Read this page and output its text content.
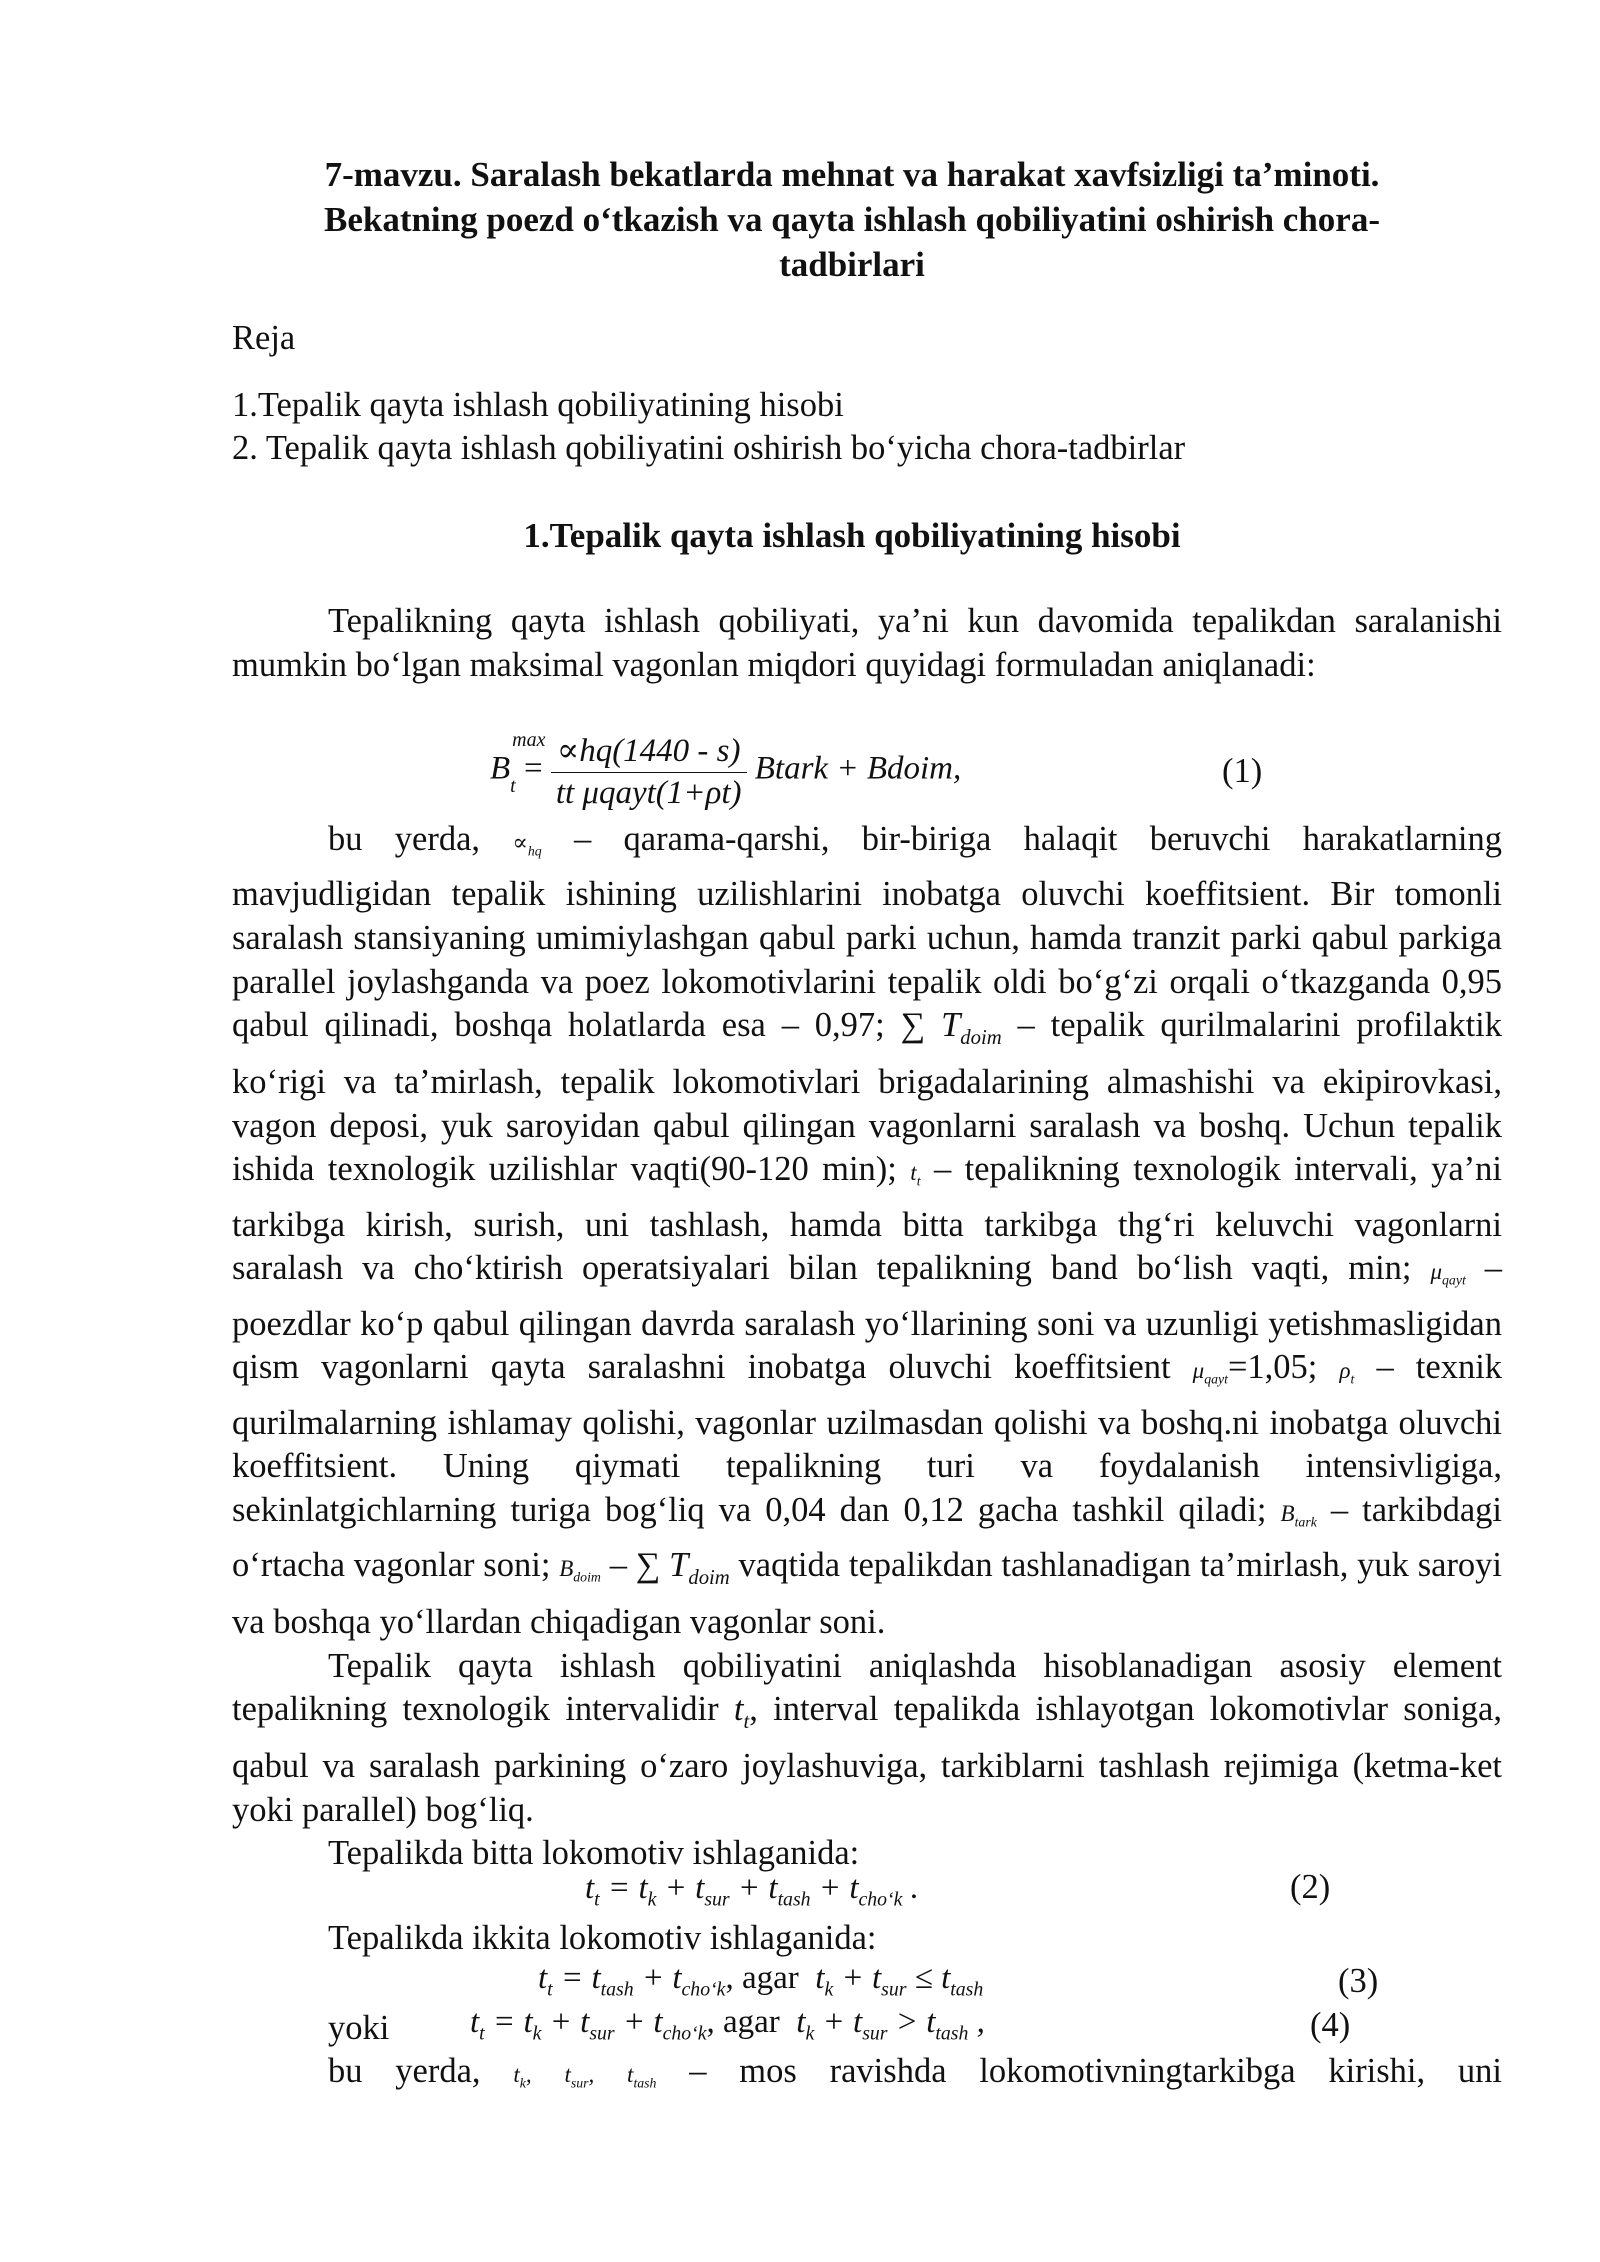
7-mavzu. Saralash bekatlarda mehnat va harakat xavfsizligi ta’minoti.
Bekatning poezd o‘tkazish va qayta ishlash qobiliyatini oshirish chora-
tadbirlari
Reja
1.Tepalik qayta ishlash qobiliyatining hisobi
2. Tepalik qayta ishlash qobiliyatini oshirish bo‘yicha chora-tadbirlar
1.Tepalik qayta ishlash qobiliyatining hisobi

Tepalikning qayta ishlash qobiliyati, ya’ni kun davomida tepalikdan saralanishi mumkin bo‘lgan maksimal vagonlan miqdori quyidagi formuladan aniqlanadi:

B
max
$_t = \frac{\propto hq(1440 - s)}{\text{tt μqayt(1+ρt)}}$ Btark + Bdoim,	(1)

bu yerda, $\propto_{hq}$ – qarama-qarshi, bir-biriga halaqit beruvchi harakatlarning mavjudligidan tepalik ishining uzilishlarini inobatga oluvchi koeffitsient. Bir tomonli saralash stansiyaning umimiylashgan qabul parki uchun, hamda tranzit parki qabul parkiga parallel joylashganda va poez lokomotivlarini tepalik oldi bo‘g‘zi orqali o‘tkazganda 0,95 qabul qilinadi, boshqa holatlarda esa – 0,97; ∑ $T_{doim}$ – tepalik qurilmalarini profilaktik ko‘rigi va ta’mirlash, tepalik lokomotivlari brigadalarining almashishi va ekipirovkasi, vagon deposi, yuk saroyidan qabul qilingan vagonlarni saralash va boshq. Uchun tepalik ishida texnologik uzilishlar vaqti(90-120 min); $t_t$ – tepalikning texnologik intervali, ya’ni tarkibga kirish, surish, uni tashlash, hamda bitta tarkibga thg‘ri keluvchi vagonlarni saralash va cho‘ktirish operatsiyalari bilan tepalikning band bo‘lish vaqti, min; $\mu_{qayt}$ – poezdlar ko‘p qabul qilingan davrda saralash yo‘llarining soni va uzunligi yetishmasligidan qism vagonlarni qayta saralashni inobatga oluvchi koeffitsient $\mu_{qayt}=1,05$; $\rho_t$ – texnik qurilmalarning ishlamay qolishi, vagonlar uzilmasdan qolishi va boshq.ni inobatga oluvchi koeffitsient. Uning qiymati tepalikning turi va foydalanish intensivligiga, sekinlatgichlarning turiga bog‘liq va 0,04 dan 0,12 gacha tashkil qiladi; $B_{tark}$ – tarkibdagi o‘rtacha vagonlar soni; $B_{doim}$ – ∑ $T_{doim}$ vaqtida tepalikdan tashlanadigan ta’mirlash, yuk saroyi va boshqa yo‘llardan chiqadigan vagonlar soni.

Tepalik qayta ishlash qobiliyatini aniqlashda hisoblanadigan asosiy element tepalikning texnologik intervalidir $t_t$, interval tepalikda ishlayotgan lokomotivlar soniga, qabul va saralash parkining o‘zaro joylashuviga, tarkiblarni tashlash rejimiga (ketma-ket yoki parallel) bog‘liq.

Tepalikda bitta lokomotiv ishlaganida:

$t_t = t_k + t_{sur} + t_{tash} + t_{cho‘k}$ .	(2)
Tepalikda ikkita lokomotiv ishlaganida:
$t_t = t_{tash} + t_{cho‘k}$, agar  $t_k + t_{sur} \le t_{tash}$	(3)
yoki $t_t = t_k + t_{sur} + t_{cho‘k}$, agar  $t_k + t_{sur} > t_{tash}$ ,	(4)

bu yerda, $t_k$, $t_{sur}$, $t_{tash}$ – mos ravishda lokomotivningtarkibga kirishi, uni
